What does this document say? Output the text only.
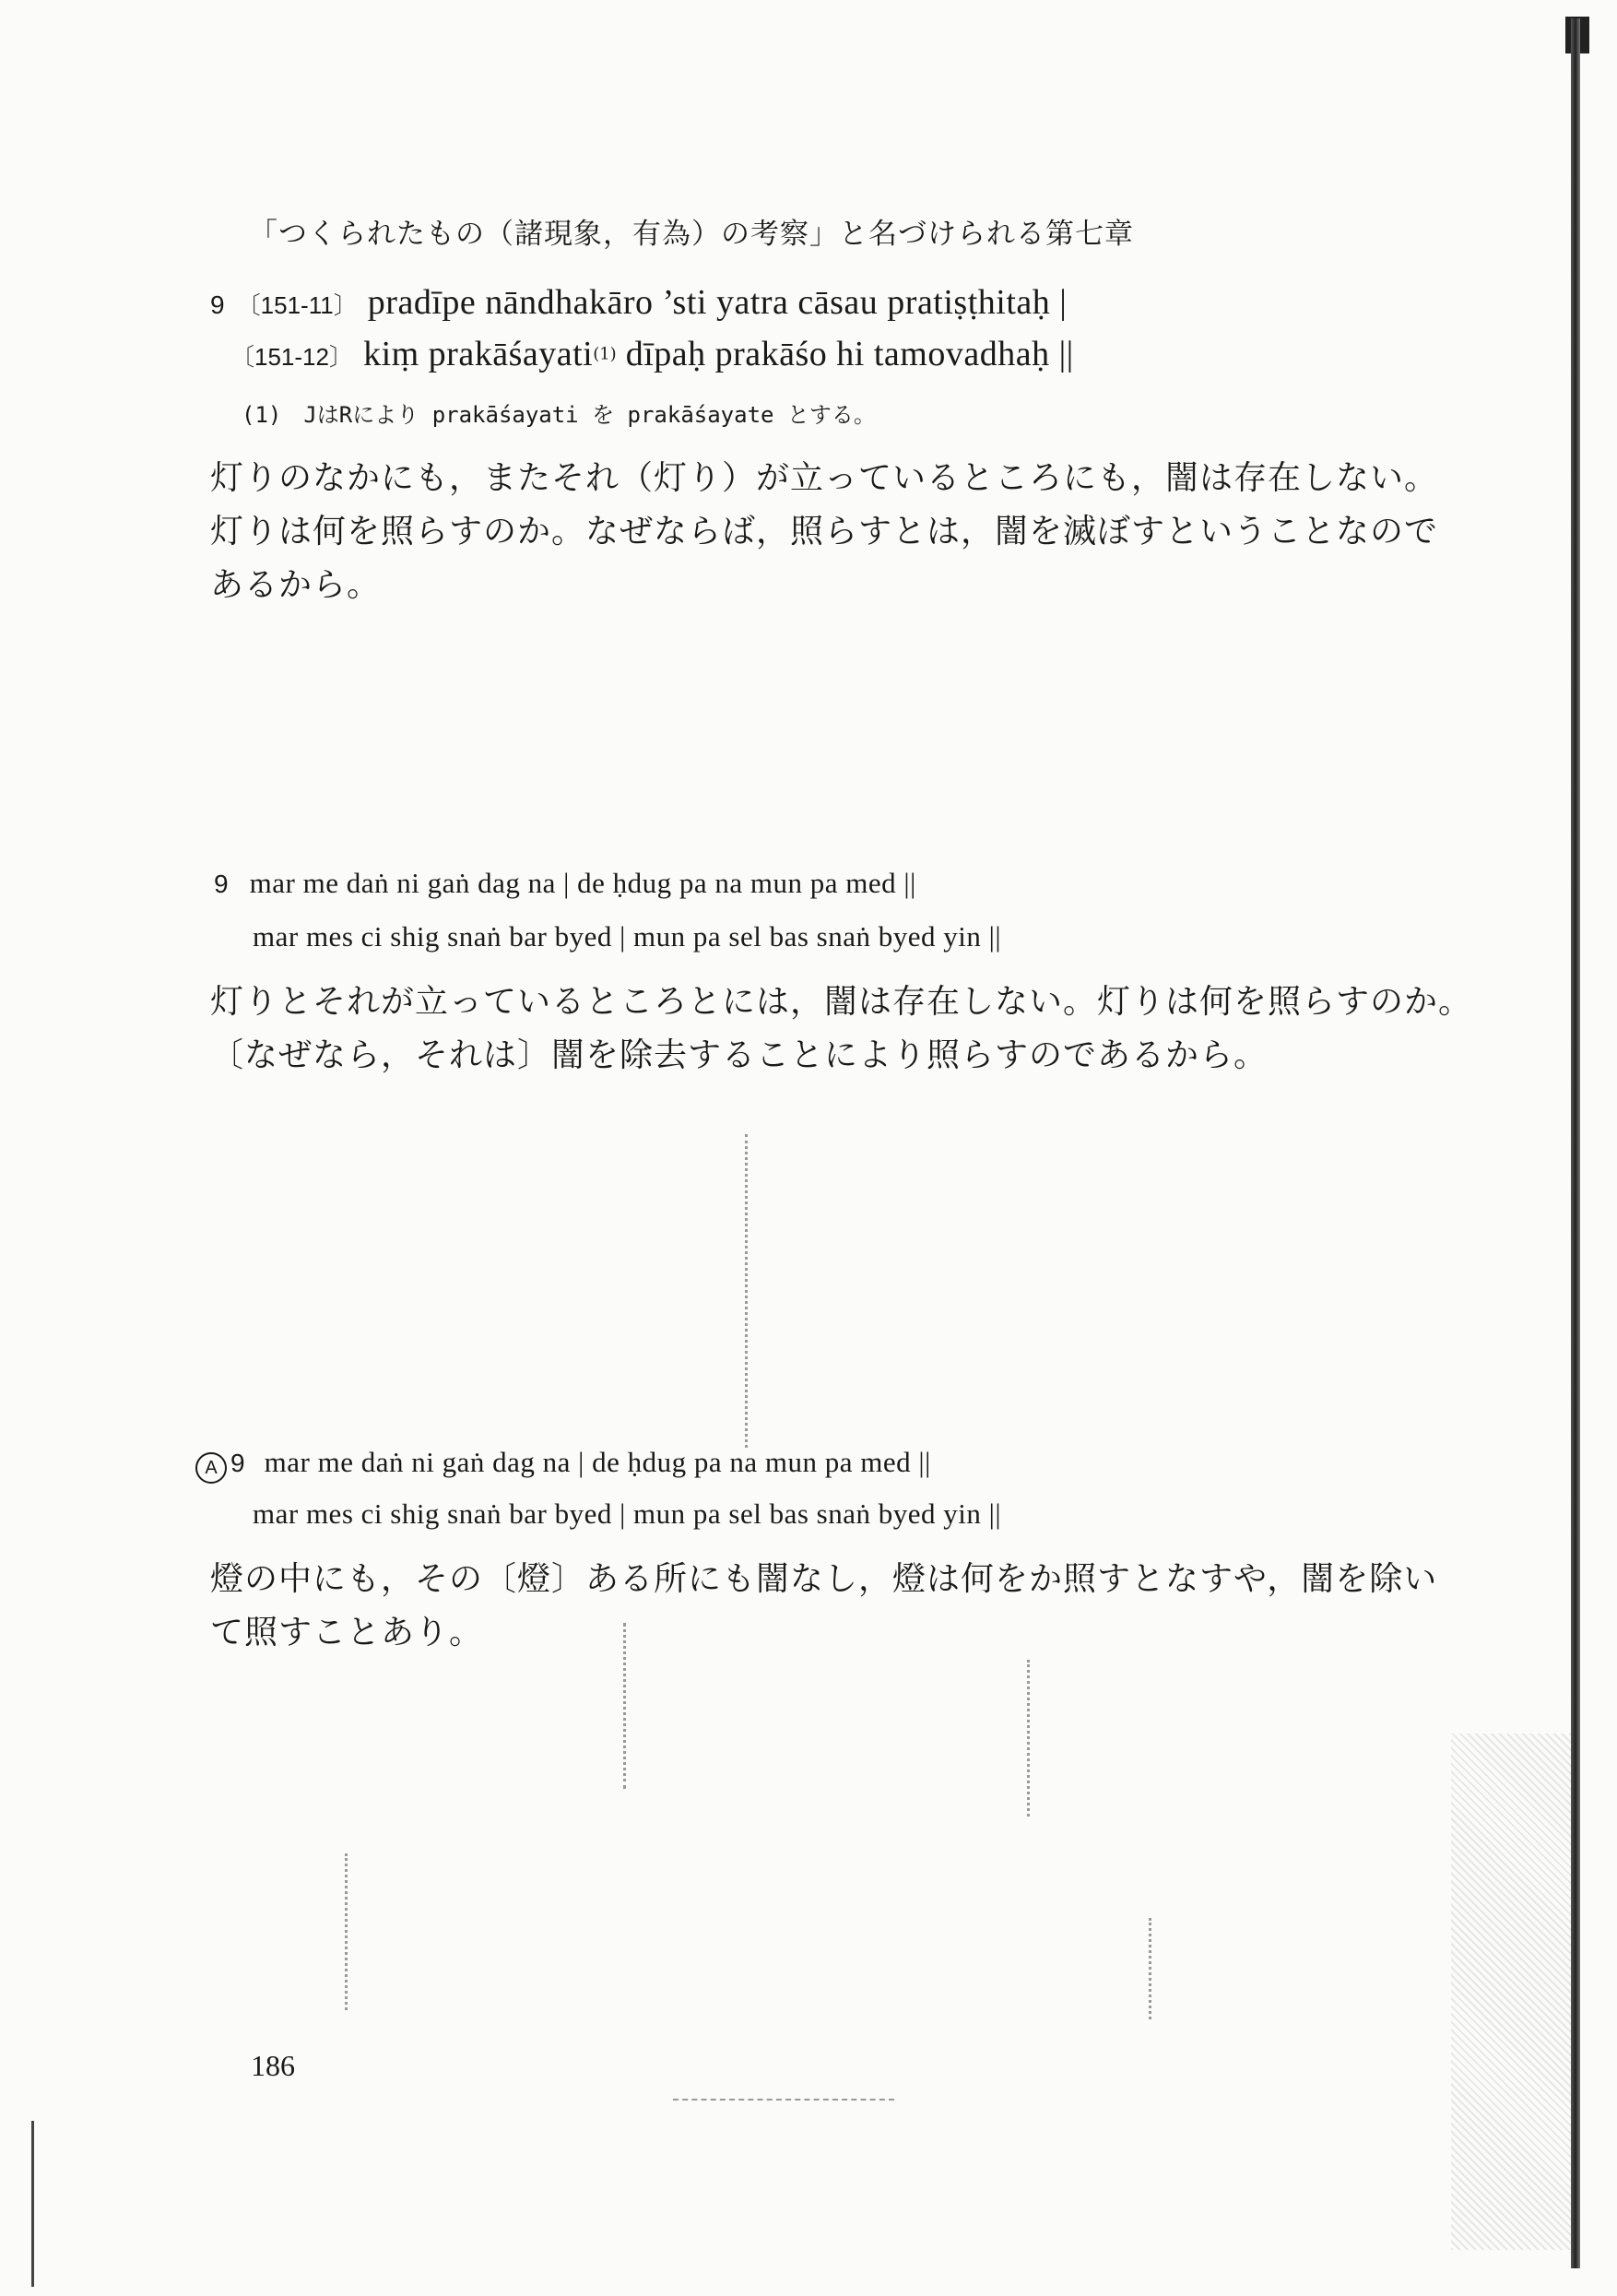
「つくられたもの（諸現象，有為）の考察」と名づけられる第七章
9 〔151-11〕 pradīpe nāndhakāro ’sti yatra cāsau pratiṣṭhitaḥ |
〔151-12〕 kiṃ prakāśayati$^{(1)}$ dīpaḥ prakāśo hi tamovadhaḥ ||
(1)　JはRにより prakāśayati を prakāśayate とする。
灯りのなかにも，またそれ（灯り）が立っているところにも，闇は存在しない。
灯りは何を照らすのか。なぜならば，照らすとは，闇を滅ぼすということなので
あるから。
9 mar me daṅ ni gaṅ dag na | de ḥdug pa na mun pa med ||
mar mes ci shig snaṅ bar byed | mun pa sel bas snaṅ byed yin ||
灯りとそれが立っているところとには，闇は存在しない。灯りは何を照らすのか。
〔なぜなら，それは〕闇を除去することにより照らすのであるから。
A 9 mar me daṅ ni gaṅ dag na | de ḥdug pa na mun pa med ||
mar mes ci shig snaṅ bar byed | mun pa sel bas snaṅ byed yin ||
燈の中にも，その〔燈〕ある所にも闇なし，燈は何をか照すとなすや，闇を除い
て照すことあり。
186
